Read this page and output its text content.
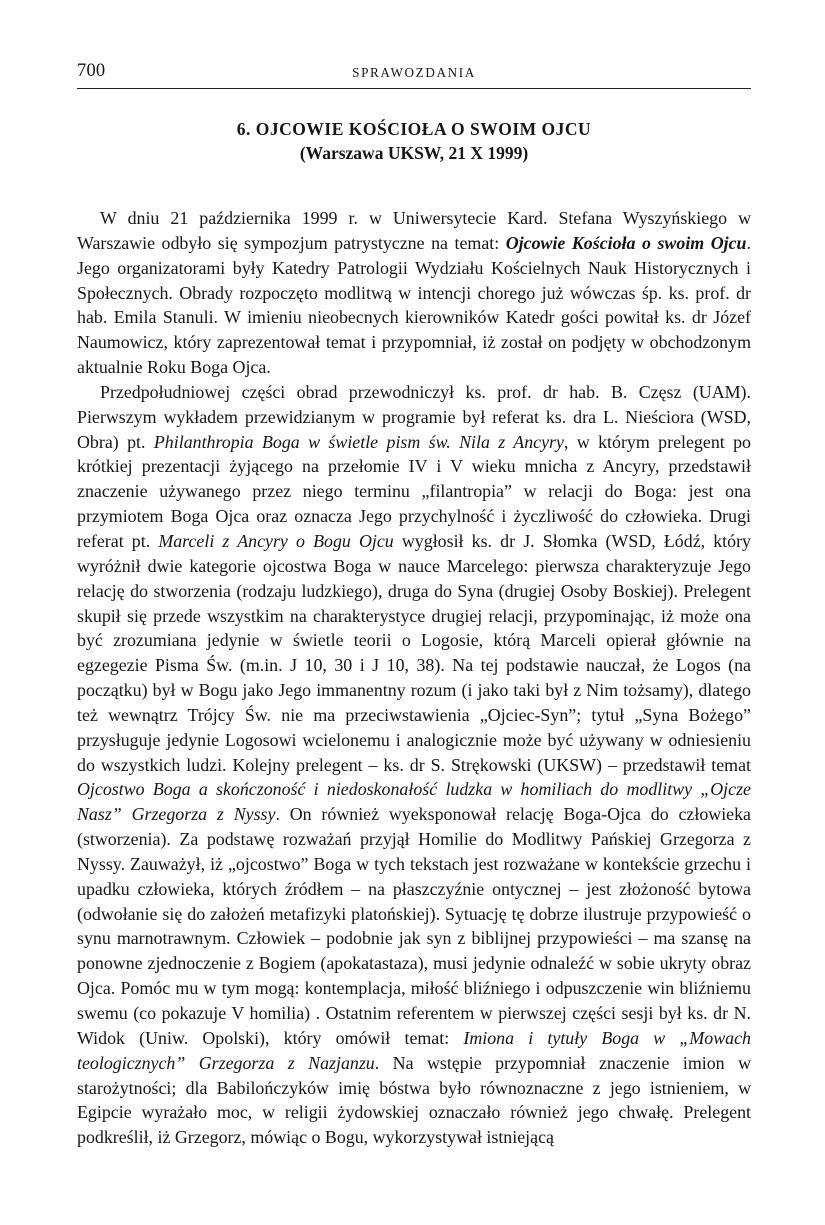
700	SPRAWOZDANIA
6. OJCOWIE KOŚCIOŁA O SWOIM OJCU
(Warszawa UKSW, 21 X 1999)

W dniu 21 października 1999 r. w Uniwersytecie Kard. Stefana Wyszyńskiego w Warszawie odbyło się sympozjum patrystyczne na temat: Ojcowie Kościoła o swoim Ojcu. Jego organizatorami były Katedry Patrologii Wydziału Kościelnych Nauk Historycznych i Społecznych. Obrady rozpoczęto modlitwą w intencji chorego już wówczas śp. ks. prof. dr hab. Emila Stanuli. W imieniu nieobecnych kierowników Katedr gości powitał ks. dr Józef Naumowicz, który zaprezentował temat i przypomniał, iż został on podjęty w obchodzonym aktualnie Roku Boga Ojca.

Przedpołudniowej części obrad przewodniczył ks. prof. dr hab. B. Częsz (UAM). Pierwszym wykładem przewidzianym w programie był referat ks. dra L. Nieściora (WSD, Obra) pt. Philanthropia Boga w świetle pism św. Nila z Ancyry, w którym prelegent po krótkiej prezentacji żyjącego na przełomie IV i V wieku mnicha z Ancyry, przedstawił znaczenie używanego przez niego terminu „filantropia” w relacji do Boga: jest ona przymiotem Boga Ojca oraz oznacza Jego przychylność i życzliwość do człowieka. Drugi referat pt. Marceli z Ancyry o Bogu Ojcu wygłosił ks. dr J. Słomka (WSD, Łódź, który wyróżnił dwie kategorie ojcostwa Boga w nauce Marcelego: pierwsza charakteryzuje Jego relację do stworzenia (rodzaju ludzkiego), druga do Syna (drugiej Osoby Boskiej). Prelegent skupił się przede wszystkim na charakterystyce drugiej relacji, przypominając, iż może ona być zrozumiana jedynie w świetle teorii o Logosie, którą Marceli opierał głównie na egzegezie Pisma Św. (m.in. J 10, 30 i J 10, 38). Na tej podstawie nauczał, że Logos (na początku) był w Bogu jako Jego immanentny rozum (i jako taki był z Nim tożsamy), dlatego też wewnątrz Trójcy Św. nie ma przeciwstawienia „Ojciec-Syn”; tytuł „Syna Bożego” przysługuje jedynie Logosowi wcielonemu i analogicznie może być używany w odniesieniu do wszystkich ludzi. Kolejny prelegent – ks. dr S. Strękowski (UKSW) – przedstawił temat Ojcostwo Boga a skończoność i niedoskonałość ludzka w homiliach do modlitwy „Ojcze Nasz” Grzegorza z Nyssy. On również wyeksponował relację Boga-Ojca do człowieka (stworzenia). Za podstawę rozważań przyjął Homilie do Modlitwy Pańskiej Grzegorza z Nyssy. Zauważył, iż „ojcostwo” Boga w tych tekstach jest rozważane w kontekście grzechu i upadku człowieka, których źródłem – na płaszczyźnie ontycznej – jest złożoność bytowa (odwołanie się do założeń metafizyki platońskiej). Sytuację tę dobrze ilustruje przypowieść o synu marnotrawnym. Człowiek – podobnie jak syn z biblijnej przypowieści – ma szansę na ponowne zjednoczenie z Bogiem (apokatastaza), musi jedynie odnaleźć w sobie ukryty obraz Ojca. Pomóc mu w tym mogą: kontemplacja, miłość bliźniego i odpuszczenie win bliźniemu swemu (co pokazuje V homilia) . Ostatnim referentem w pierwszej części sesji był ks. dr N. Widok (Uniw. Opolski), który omówił temat: Imiona i tytuły Boga w „Mowach teologicznych” Grzegorza z Nazjanzu. Na wstępie przypomniał znaczenie imion w starożytności; dla Babilończyków imię bóstwa było równoznaczne z jego istnieniem, w Egipcie wyrażało moc, w religii żydowskiej oznaczało również jego chwałę. Prelegent podkreślił, iż Grzegorz, mówiąc o Bogu, wykorzystywał istniejącą
